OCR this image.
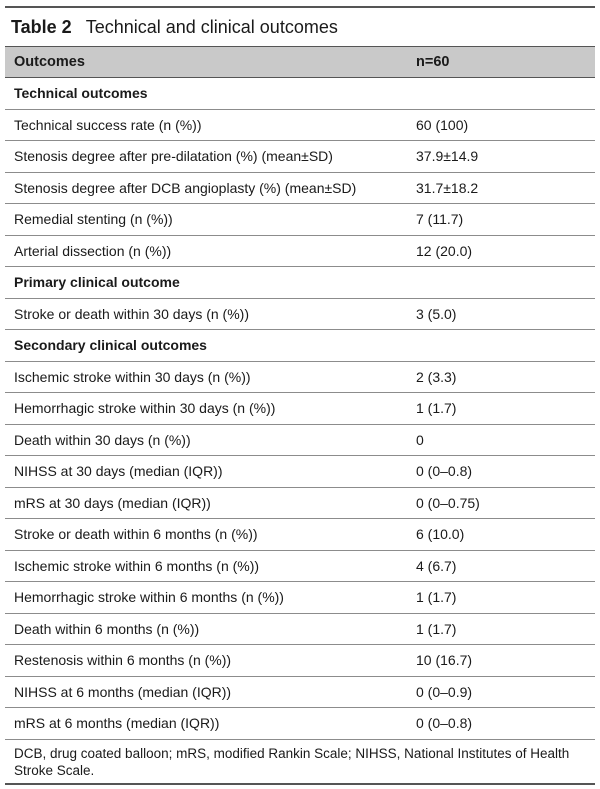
Table 2 Technical and clinical outcomes
Outcomes	n=60
Technical outcomes
Technical success rate (n (%))	60 (100)
Stenosis degree after pre-dilatation (%) (mean±SD)	37.9±14.9
Stenosis degree after DCB angioplasty (%) (mean±SD)	31.7±18.2
Remedial stenting (n (%))	7 (11.7)
Arterial dissection (n (%))	12 (20.0)
Primary clinical outcome
Stroke or death within 30 days (n (%))	3 (5.0)
Secondary clinical outcomes
Ischemic stroke within 30 days (n (%))	2 (3.3)
Hemorrhagic stroke within 30 days (n (%))	1 (1.7)
Death within 30 days (n (%))	0
NIHSS at 30 days (median (IQR))	0 (0–0.8)
mRS at 30 days (median (IQR))	0 (0–0.75)
Stroke or death within 6 months (n (%))	6 (10.0)
Ischemic stroke within 6 months (n (%))	4 (6.7)
Hemorrhagic stroke within 6 months (n (%))	1 (1.7)
Death within 6 months (n (%))	1 (1.7)
Restenosis within 6 months (n (%))	10 (16.7)
NIHSS at 6 months (median (IQR))	0 (0–0.9)
mRS at 6 months (median (IQR))	0 (0–0.8)
DCB, drug coated balloon; mRS, modified Rankin Scale; NIHSS, National Institutes of Health Stroke Scale.
